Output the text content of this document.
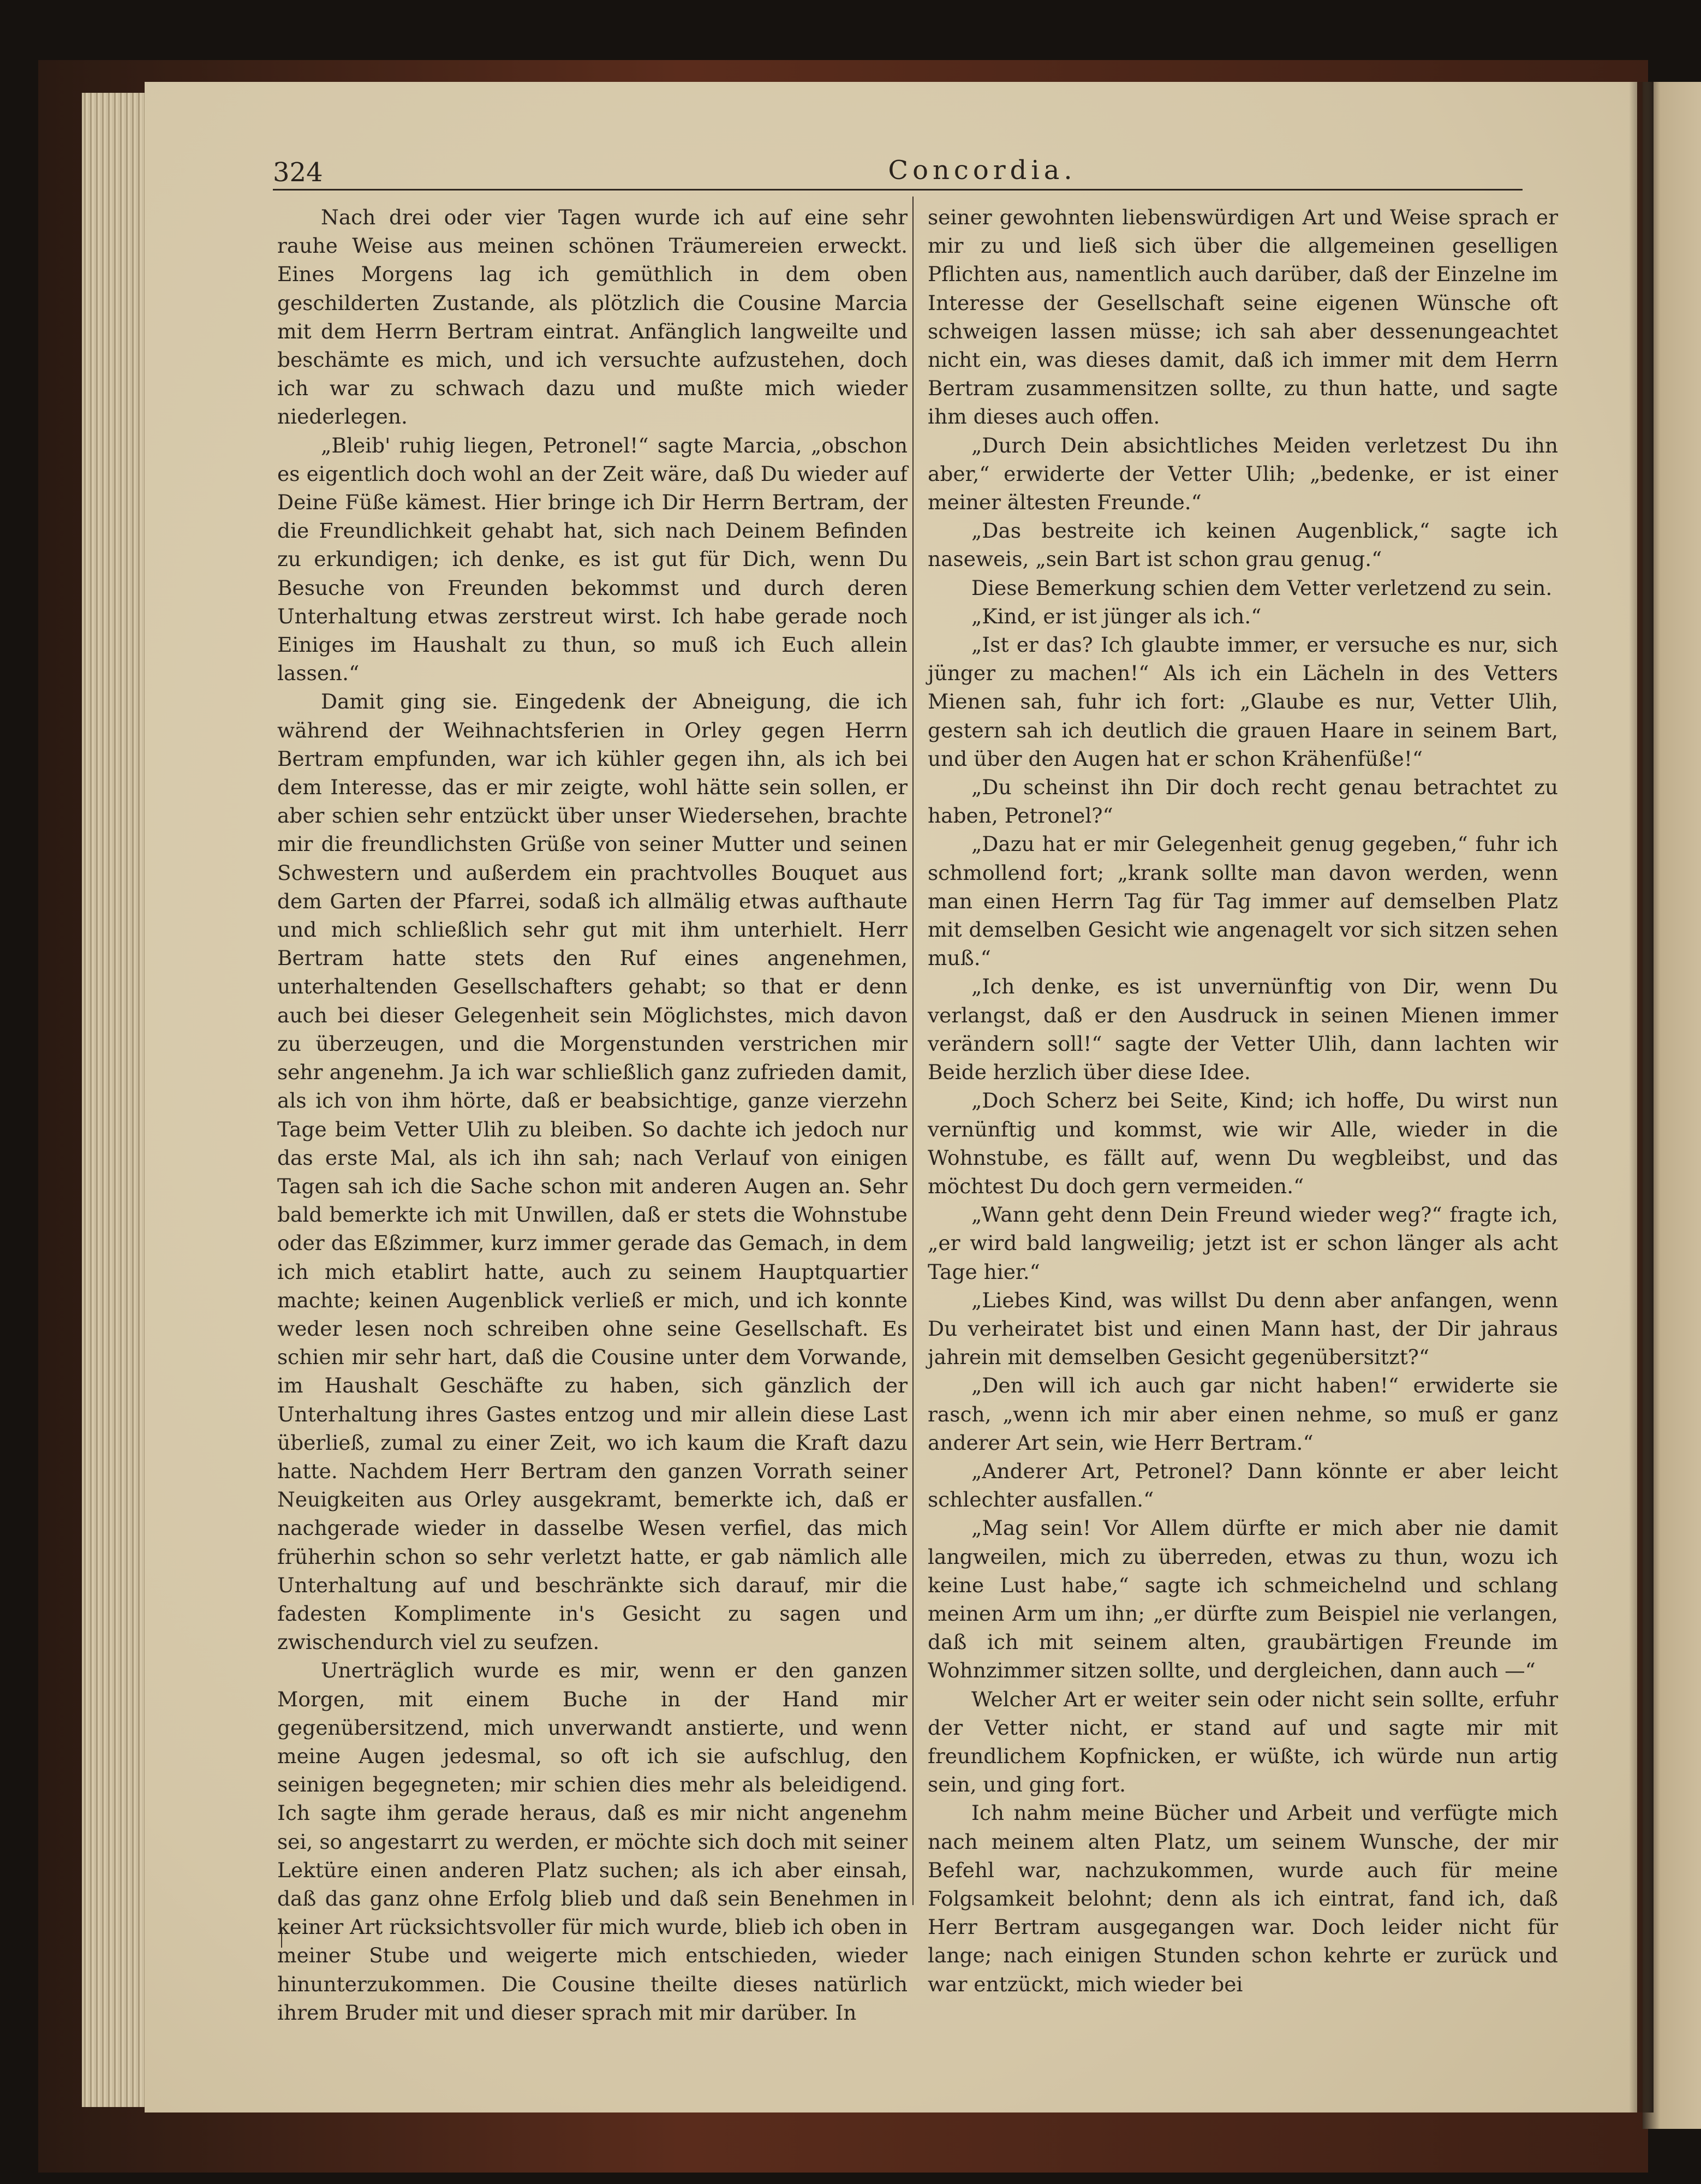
324	Concordia.

Nach drei oder vier Tagen wurde ich auf eine sehr rauhe Weise aus meinen schönen Träumereien erweckt. Eines Morgens lag ich gemüthlich in dem oben geschilderten Zustande, als plötzlich die Cousine Marcia mit dem Herrn Bertram eintrat. Anfänglich langweilte und beschämte es mich, und ich versuchte aufzustehen, doch ich war zu schwach dazu und mußte mich wieder niederlegen.

„Bleib' ruhig liegen, Petronel!“ sagte Marcia, „obschon es eigentlich doch wohl an der Zeit wäre, daß Du wieder auf Deine Füße kämest. Hier bringe ich Dir Herrn Bertram, der die Freundlichkeit gehabt hat, sich nach Deinem Befinden zu erkundigen; ich denke, es ist gut für Dich, wenn Du Besuche von Freunden bekommst und durch deren Unterhaltung etwas zerstreut wirst. Ich habe gerade noch Einiges im Haushalt zu thun, so muß ich Euch allein lassen.“

Damit ging sie. Eingedenk der Abneigung, die ich während der Weihnachtsferien in Orley gegen Herrn Bertram empfunden, war ich kühler gegen ihn, als ich bei dem Interesse, das er mir zeigte, wohl hätte sein sollen, er aber schien sehr entzückt über unser Wiedersehen, brachte mir die freundlichsten Grüße von seiner Mutter und seinen Schwestern und außerdem ein prachtvolles Bouquet aus dem Garten der Pfarrei, sodaß ich allmälig etwas aufthaute und mich schließlich sehr gut mit ihm unterhielt. Herr Bertram hatte stets den Ruf eines angenehmen, unterhaltenden Gesellschafters gehabt; so that er denn auch bei dieser Gelegenheit sein Möglichstes, mich davon zu überzeugen, und die Morgenstunden verstrichen mir sehr angenehm. Ja ich war schließlich ganz zufrieden damit, als ich von ihm hörte, daß er beabsichtige, ganze vierzehn Tage beim Vetter Ulih zu bleiben. So dachte ich jedoch nur das erste Mal, als ich ihn sah; nach Verlauf von einigen Tagen sah ich die Sache schon mit anderen Augen an. Sehr bald bemerkte ich mit Unwillen, daß er stets die Wohnstube oder das Eßzimmer, kurz immer gerade das Gemach, in dem ich mich etablirt hatte, auch zu seinem Hauptquartier machte; keinen Augenblick verließ er mich, und ich konnte weder lesen noch schreiben ohne seine Gesellschaft. Es schien mir sehr hart, daß die Cousine unter dem Vorwande, im Haushalt Geschäfte zu haben, sich gänzlich der Unterhaltung ihres Gastes entzog und mir allein diese Last überließ, zumal zu einer Zeit, wo ich kaum die Kraft dazu hatte. Nachdem Herr Bertram den ganzen Vorrath seiner Neuigkeiten aus Orley ausgekramt, bemerkte ich, daß er nachgerade wieder in dasselbe Wesen verfiel, das mich früherhin schon so sehr verletzt hatte, er gab nämlich alle Unterhaltung auf und beschränkte sich darauf, mir die fadesten Komplimente in's Gesicht zu sagen und zwischendurch viel zu seufzen.

Unerträglich wurde es mir, wenn er den ganzen Morgen, mit einem Buche in der Hand mir gegenübersitzend, mich unverwandt anstierte, und wenn meine Augen jedesmal, so oft ich sie aufschlug, den seinigen begegneten; mir schien dies mehr als beleidigend. Ich sagte ihm gerade heraus, daß es mir nicht angenehm sei, so angestarrt zu werden, er möchte sich doch mit seiner Lektüre einen anderen Platz suchen; als ich aber einsah, daß das ganz ohne Erfolg blieb und daß sein Benehmen in keiner Art rücksichtsvoller für mich wurde, blieb ich oben in meiner Stube und weigerte mich entschieden, wieder hinunterzukommen. Die Cousine theilte dieses natürlich ihrem Bruder mit und dieser sprach mit mir darüber. In

seiner gewohnten liebenswürdigen Art und Weise sprach er mir zu und ließ sich über die allgemeinen geselligen Pflichten aus, namentlich auch darüber, daß der Einzelne im Interesse der Gesellschaft seine eigenen Wünsche oft schweigen lassen müsse; ich sah aber dessenungeachtet nicht ein, was dieses damit, daß ich immer mit dem Herrn Bertram zusammensitzen sollte, zu thun hatte, und sagte ihm dieses auch offen.

„Durch Dein absichtliches Meiden verletzest Du ihn aber,“ erwiderte der Vetter Ulih; „bedenke, er ist einer meiner ältesten Freunde.“

„Das bestreite ich keinen Augenblick,“ sagte ich naseweis, „sein Bart ist schon grau genug.“

Diese Bemerkung schien dem Vetter verletzend zu sein.

„Kind, er ist jünger als ich.“

„Ist er das? Ich glaubte immer, er versuche es nur, sich jünger zu machen!“ Als ich ein Lächeln in des Vetters Mienen sah, fuhr ich fort: „Glaube es nur, Vetter Ulih, gestern sah ich deutlich die grauen Haare in seinem Bart, und über den Augen hat er schon Krähenfüße!“

„Du scheinst ihn Dir doch recht genau betrachtet zu haben, Petronel?“

„Dazu hat er mir Gelegenheit genug gegeben,“ fuhr ich schmollend fort; „krank sollte man davon werden, wenn man einen Herrn Tag für Tag immer auf demselben Platz mit demselben Gesicht wie angenagelt vor sich sitzen sehen muß.“

„Ich denke, es ist unvernünftig von Dir, wenn Du verlangst, daß er den Ausdruck in seinen Mienen immer verändern soll!“ sagte der Vetter Ulih, dann lachten wir Beide herzlich über diese Idee.

„Doch Scherz bei Seite, Kind; ich hoffe, Du wirst nun vernünftig und kommst, wie wir Alle, wieder in die Wohnstube, es fällt auf, wenn Du wegbleibst, und das möchtest Du doch gern vermeiden.“

„Wann geht denn Dein Freund wieder weg?“ fragte ich, „er wird bald langweilig; jetzt ist er schon länger als acht Tage hier.“

„Liebes Kind, was willst Du denn aber anfangen, wenn Du verheiratet bist und einen Mann hast, der Dir jahraus jahrein mit demselben Gesicht gegenübersitzt?“

„Den will ich auch gar nicht haben!“ erwiderte sie rasch, „wenn ich mir aber einen nehme, so muß er ganz anderer Art sein, wie Herr Bertram.“

„Anderer Art, Petronel? Dann könnte er aber leicht schlechter ausfallen.“

„Mag sein! Vor Allem dürfte er mich aber nie damit langweilen, mich zu überreden, etwas zu thun, wozu ich keine Lust habe,“ sagte ich schmeichelnd und schlang meinen Arm um ihn; „er dürfte zum Beispiel nie verlangen, daß ich mit seinem alten, graubärtigen Freunde im Wohnzimmer sitzen sollte, und dergleichen, dann auch —“

Welcher Art er weiter sein oder nicht sein sollte, erfuhr der Vetter nicht, er stand auf und sagte mir mit freundlichem Kopfnicken, er wüßte, ich würde nun artig sein, und ging fort.

Ich nahm meine Bücher und Arbeit und verfügte mich nach meinem alten Platz, um seinem Wunsche, der mir Befehl war, nachzukommen, wurde auch für meine Folgsamkeit belohnt; denn als ich eintrat, fand ich, daß Herr Bertram ausgegangen war. Doch leider nicht für lange; nach einigen Stunden schon kehrte er zurück und war entzückt, mich wieder bei
